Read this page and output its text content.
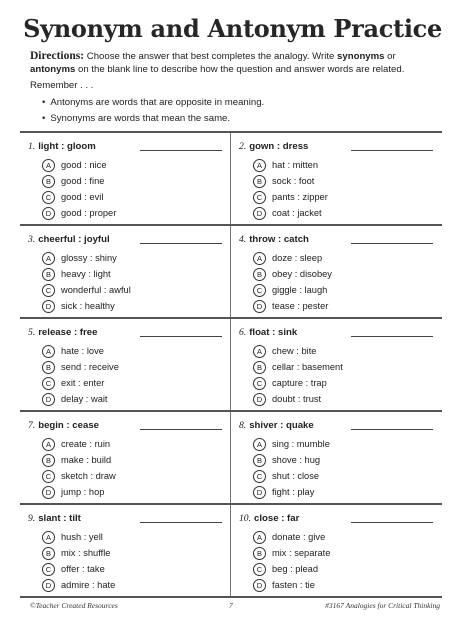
Synonym and Antonym Practice
Directions: Choose the answer that best completes the analogy. Write synonyms or antonyms on the blank line to describe how the question and answer words are related.
Remember . . .
• Antonyms are words that are opposite in meaning.
• Synonyms are words that mean the same.
1. light : gloom
A good : nice
B good : fine
C good : evil
D good : proper
2. gown : dress
A hat : mitten
B sock : foot
C pants : zipper
D coat : jacket
3. cheerful : joyful
A glossy : shiny
B heavy : light
C wonderful : awful
D sick : healthy
4. throw : catch
A doze : sleep
B obey : disobey
C giggle : laugh
D tease : pester
5. release : free
A hate : love
B send : receive
C exit : enter
D delay : wait
6. float : sink
A chew : bite
B cellar : basement
C capture : trap
D doubt : trust
7. begin : cease
A create : ruin
B make : build
C sketch : draw
D jump : hop
8. shiver : quake
A sing : mumble
B shove : hug
C shut : close
D fight : play
9. slant : tilt
A hush : yell
B mix : shuffle
C offer : take
D admire : hate
10. close : far
A donate : give
B mix : separate
C beg : plead
D fasten : tie
©Teacher Created Resources	7	#3167 Analogies for Critical Thinking
